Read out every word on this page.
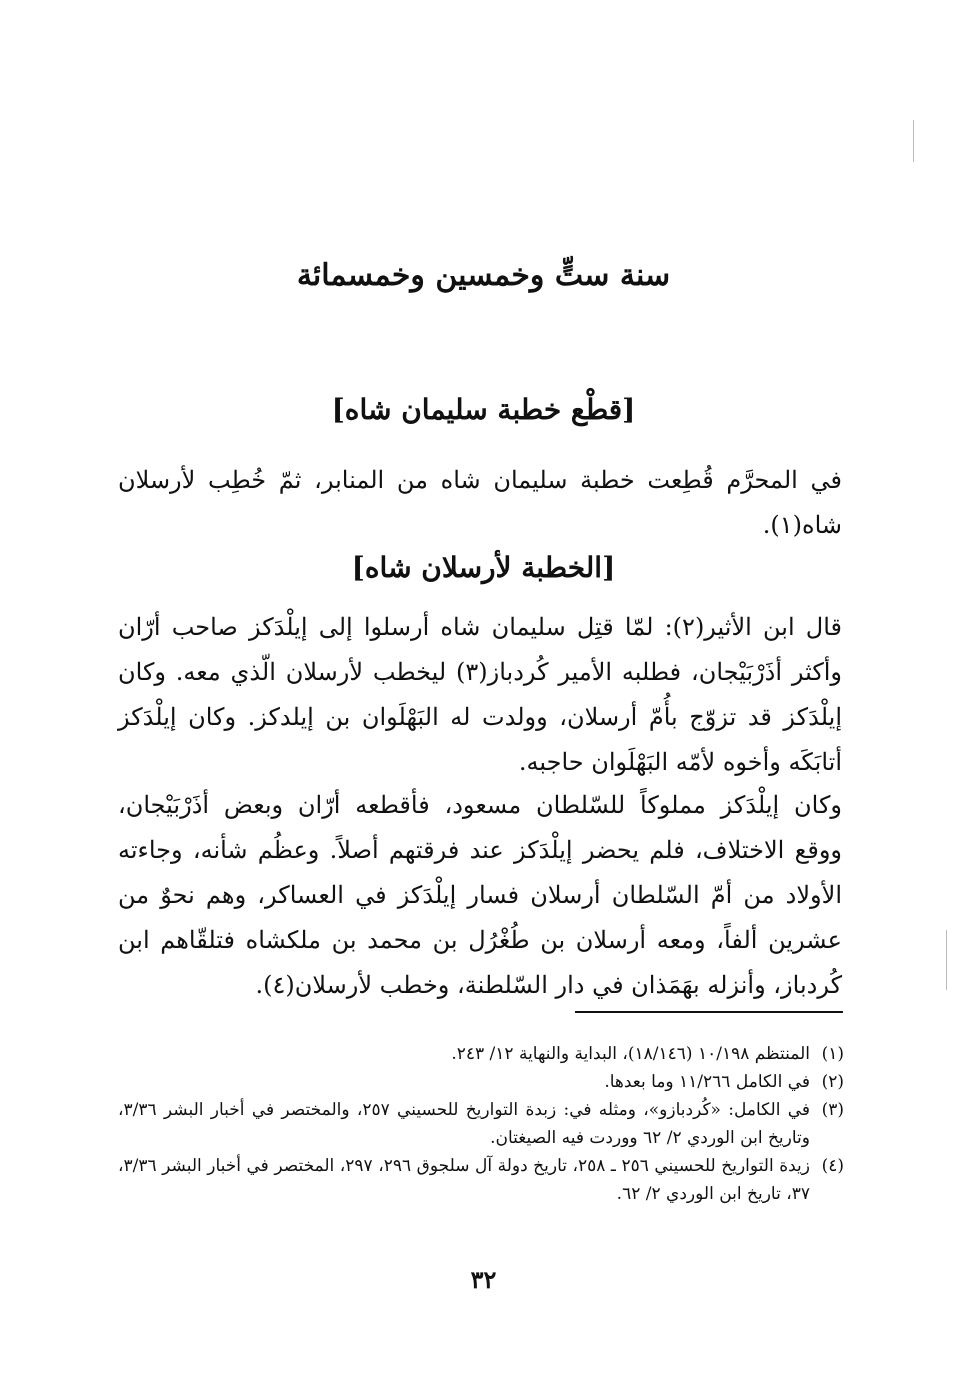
سنة ستٍّ وخمسين وخمسمائة
[قطْع خطبة سليمان شاه]
في المحرَّم قُطِعت خطبة سليمان شاه من المنابر، ثمّ خُطِب لأرسلان
شاه(١).
[الخطبة لأرسلان شاه]
قال ابن الأثير(٢): لمّا قتِل سليمان شاه أرسلوا إلى إيلْدَكز صاحب أرّان
وأكثر أذَرْبَيْجان، فطلبه الأمير كُردباز(٣) ليخطب لأرسلان الّذي معه. وكان
إيلْدَكز قد تزوّج بأُمّ أرسلان، وولدت له البَهْلَوان بن إيلدكز. وكان إيلْدَكز
أتابَكَه وأخوه لأمّه البَهْلَوان حاجبه.
وكان إيلْدَكز مملوكاً للسّلطان مسعود، فأقطعه أرّان وبعض أذَرْبَيْجان،
ووقع الاختلاف، فلم يحضر إيلْدَكز عند فرقتهم أصلاً. وعظُم شأنه، وجاءته
الأولاد من أمّ السّلطان أرسلان فسار إيلْدَكز في العساكر، وهم نحوٌ من
عشرين ألفاً، ومعه أرسلان بن طُغْرُل بن محمد بن ملكشاه فتلقّاهم ابن
كُردباز، وأنزله بهَمَذان في دار السّلطنة، وخطب لأرسلان(٤).
(١)
المنتظم ١٠/١٩٨ (١٨/١٤٦)، البداية والنهاية ١٢/ ٢٤٣.
(٢)
في الكامل ١١/٢٦٦ وما بعدها.
(٣)
في الكامل: «كُردبازو»، ومثله في: زبدة التواريخ للحسيني ٢٥٧، والمختصر في أخبار البشر ٣/٣٦، وتاريخ ابن الوردي ٢/ ٦٢ ووردت فيه الصيغتان.
(٤)
زيدة التواريخ للحسيني ٢٥٦ ـ ٢٥٨، تاريخ دولة آل سلجوق ٢٩٦، ٢٩٧، المختصر في أخبار البشر ٣/٣٦، ٣٧، تاريخ ابن الوردي ٢/ ٦٢.
٣٢
